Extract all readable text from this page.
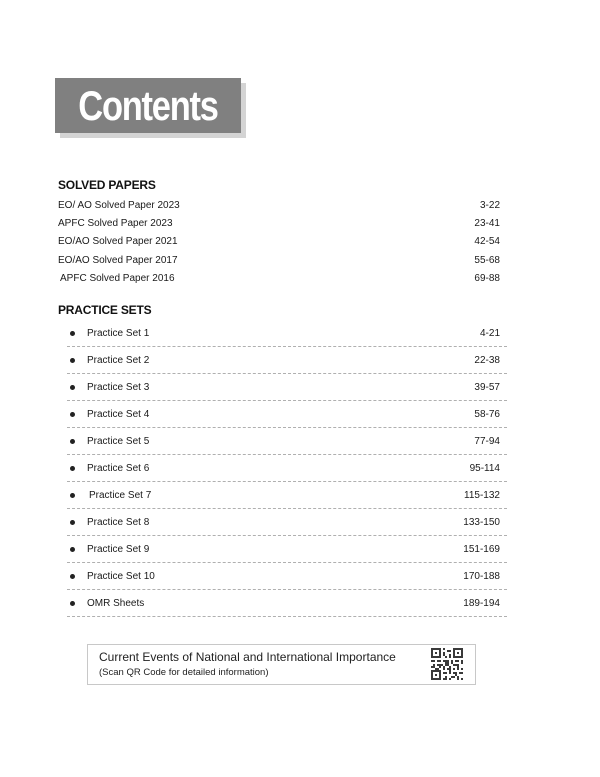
Contents
SOLVED PAPERS
EO/ AO Solved Paper 2023	3-22
APFC Solved Paper 2023	23-41
EO/AO Solved Paper 2021	42-54
EO/AO Solved Paper 2017	55-68
APFC Solved Paper 2016	69-88
PRACTICE SETS
Practice Set 1	4-21
Practice Set 2	22-38
Practice Set 3	39-57
Practice Set 4	58-76
Practice Set 5	77-94
Practice Set 6	95-114
Practice Set 7	115-132
Practice Set 8	133-150
Practice Set 9	151-169
Practice Set 10	170-188
OMR Sheets	189-194
Current Events of National and International Importance
(Scan QR Code for detailed information)
